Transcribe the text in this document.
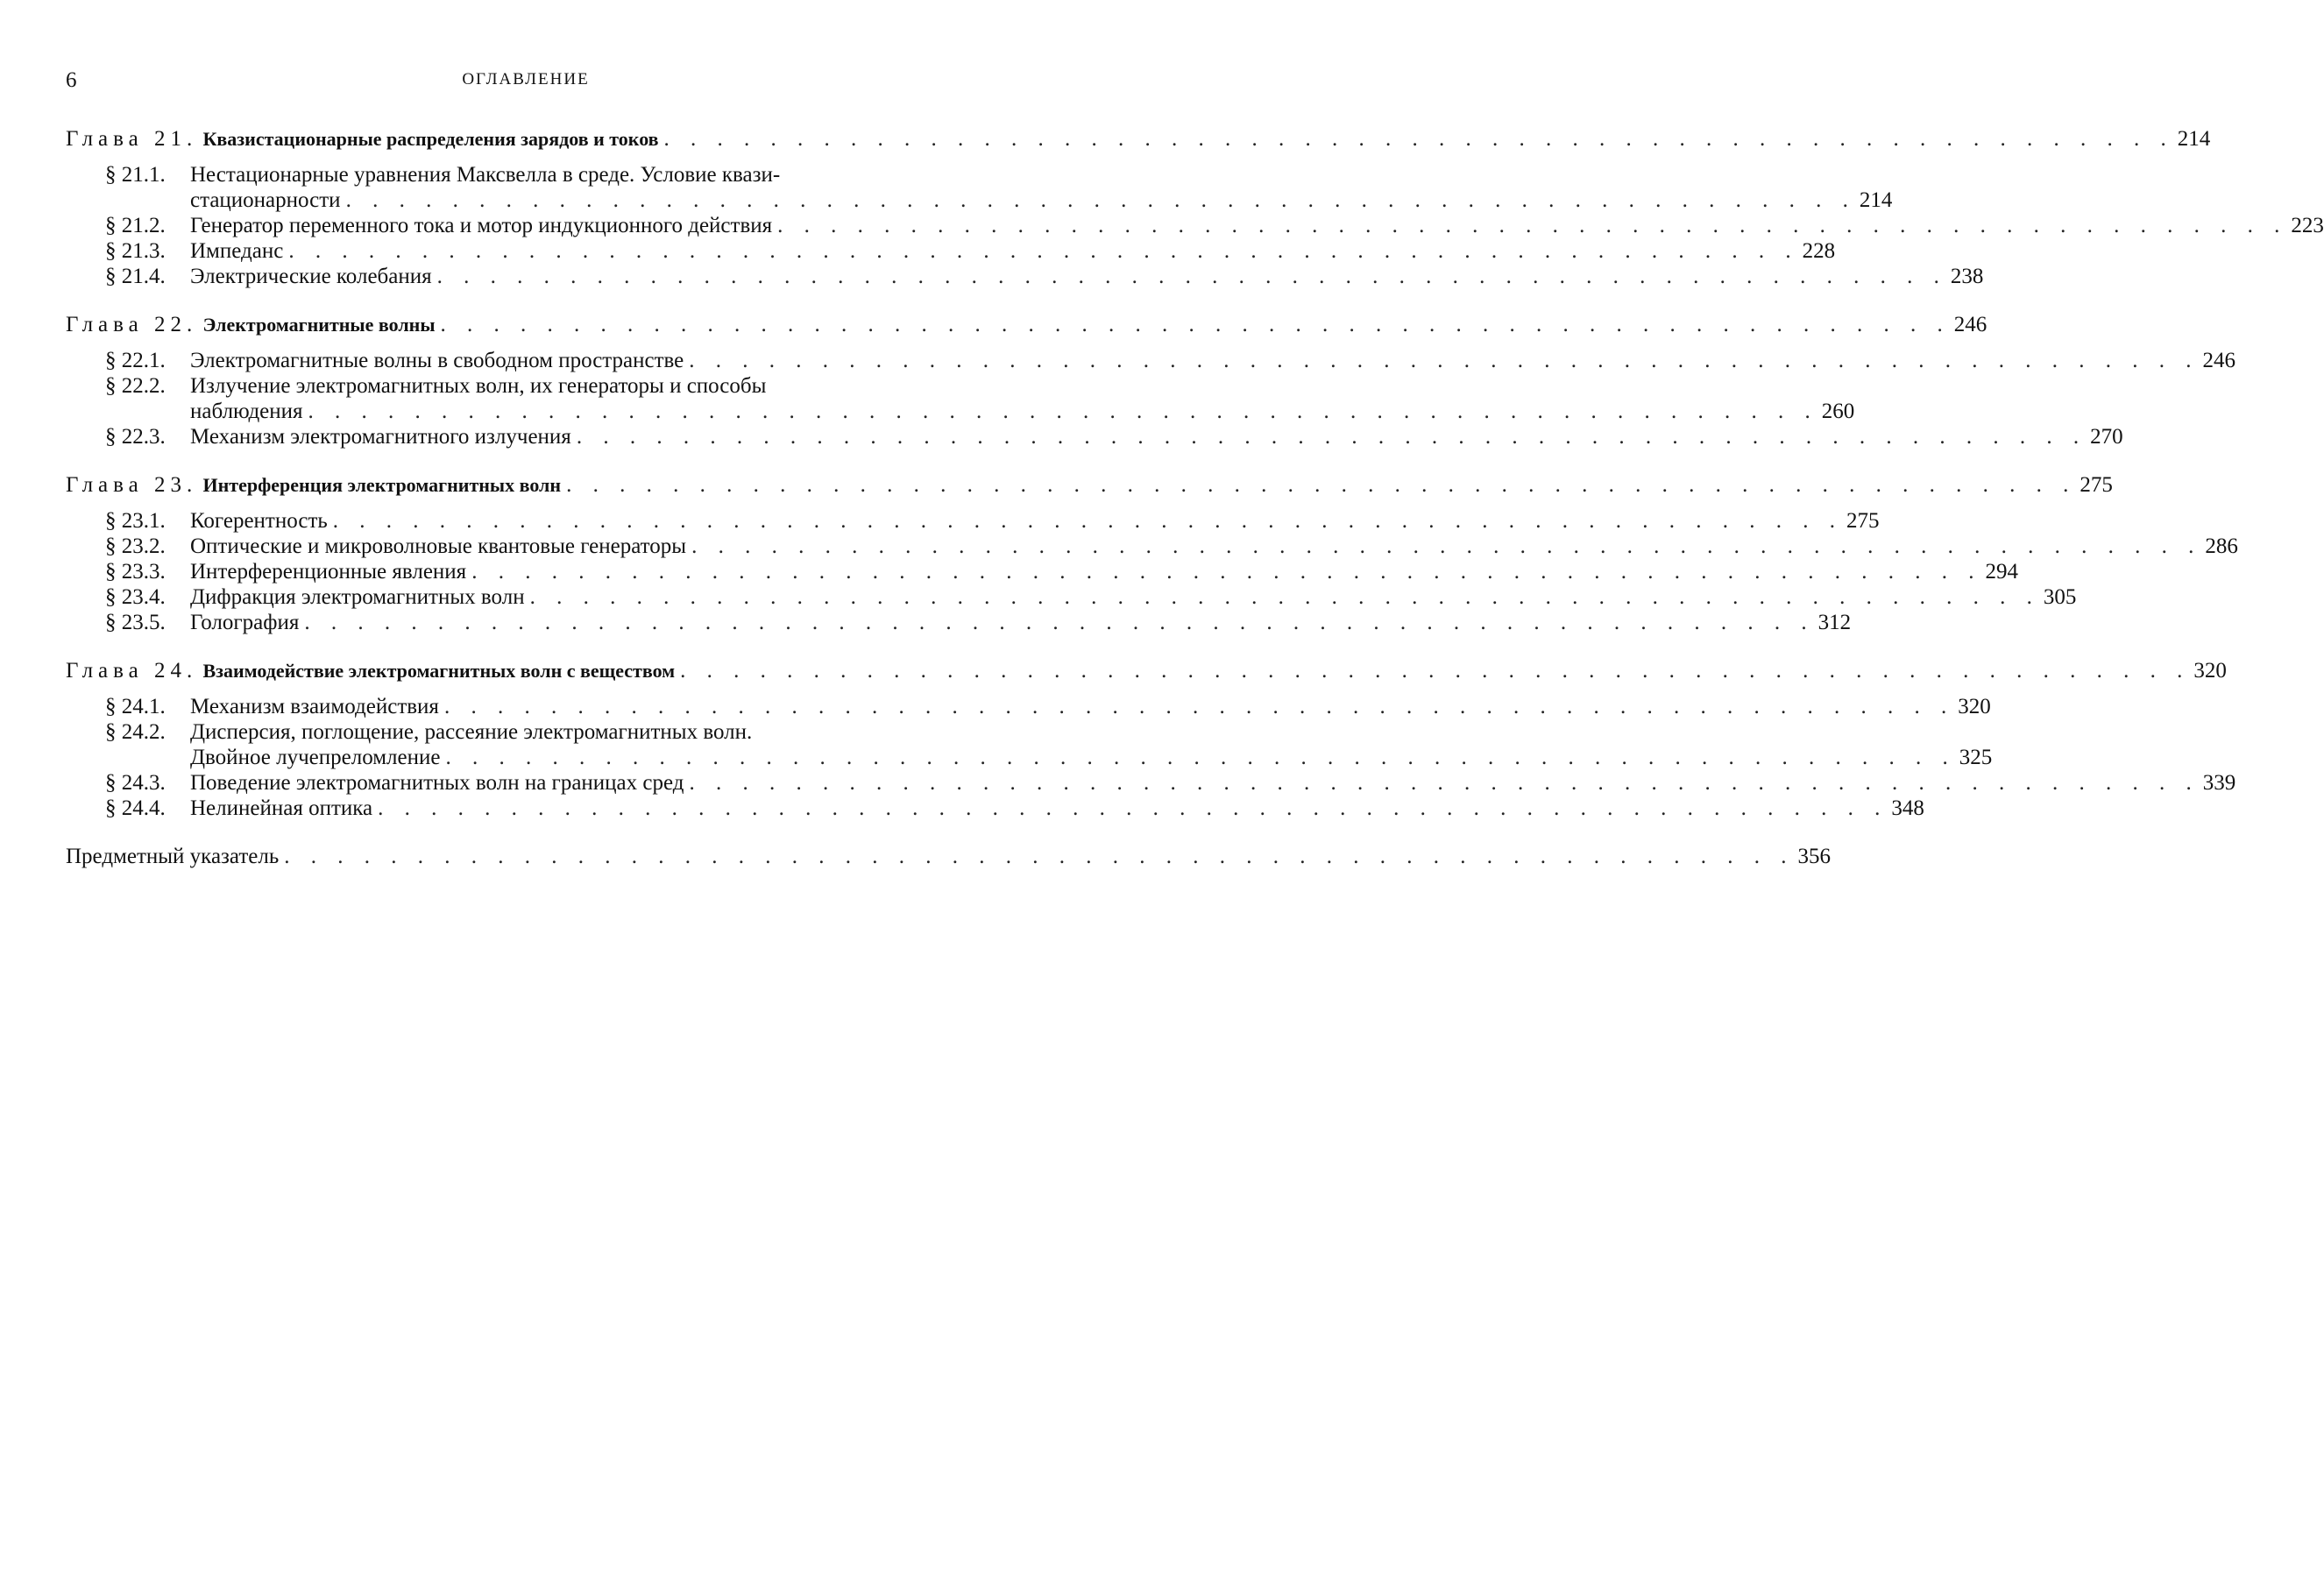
6	ОГЛАВЛЕНИЕ
Глава 21. Квазистационарные распределения зарядов и токов . . . . . . . . . . . . . . . . . . . . . . . . . . . . . . . . . . . . . . . . . . . . . . . . . . . . . . . . . 214
§ 21.1. Нестационарные уравнения Максвелла в среде. Условие квази-
стационарности . . . . . . . . . . . . . . . . . . . . . . . . . . . . . . . . . . . . . . . . . . . . . . . . . . . . . . . . . 214
§ 21.2. Генератор переменного тока и мотор индукционного действия . . . . . . . . . . . . . . . . . . . . . . . . . . . . . . . . . . . . . . . . . . . . . . . . . . . . . . . . . 223
§ 21.3. Импеданс . . . . . . . . . . . . . . . . . . . . . . . . . . . . . . . . . . . . . . . . . . . . . . . . . . . . . . . . . 228
§ 21.4. Электрические колебания . . . . . . . . . . . . . . . . . . . . . . . . . . . . . . . . . . . . . . . . . . . . . . . . . . . . . . . . . 238
Глава 22. Электромагнитные волны . . . . . . . . . . . . . . . . . . . . . . . . . . . . . . . . . . . . . . . . . . . . . . . . . . . . . . . . . 246
§ 22.1. Электромагнитные волны в свободном пространстве . . . . . . . . . . . . . . . . . . . . . . . . . . . . . . . . . . . . . . . . . . . . . . . . . . . . . . . . . 246
§ 22.2. Излучение электромагнитных волн, их генераторы и способы
наблюдения . . . . . . . . . . . . . . . . . . . . . . . . . . . . . . . . . . . . . . . . . . . . . . . . . . . . . . . . . 260
§ 22.3. Механизм электромагнитного излучения . . . . . . . . . . . . . . . . . . . . . . . . . . . . . . . . . . . . . . . . . . . . . . . . . . . . . . . . . 270
Глава 23. Интерференция электромагнитных волн . . . . . . . . . . . . . . . . . . . . . . . . . . . . . . . . . . . . . . . . . . . . . . . . . . . . . . . . . 275
§ 23.1. Когерентность . . . . . . . . . . . . . . . . . . . . . . . . . . . . . . . . . . . . . . . . . . . . . . . . . . . . . . . . . 275
§ 23.2. Оптические и микроволновые квантовые генераторы . . . . . . . . . . . . . . . . . . . . . . . . . . . . . . . . . . . . . . . . . . . . . . . . . . . . . . . . . 286
§ 23.3. Интерференционные явления . . . . . . . . . . . . . . . . . . . . . . . . . . . . . . . . . . . . . . . . . . . . . . . . . . . . . . . . . 294
§ 23.4. Дифракция электромагнитных волн . . . . . . . . . . . . . . . . . . . . . . . . . . . . . . . . . . . . . . . . . . . . . . . . . . . . . . . . . 305
§ 23.5. Голография . . . . . . . . . . . . . . . . . . . . . . . . . . . . . . . . . . . . . . . . . . . . . . . . . . . . . . . . . 312
Глава 24. Взаимодействие электромагнитных волн с веществом . . . . . . . . . . . . . . . . . . . . . . . . . . . . . . . . . . . . . . . . . . . . . . . . . . . . . . . . . 320
§ 24.1. Механизм взаимодействия . . . . . . . . . . . . . . . . . . . . . . . . . . . . . . . . . . . . . . . . . . . . . . . . . . . . . . . . . 320
§ 24.2. Дисперсия, поглощение, рассеяние электромагнитных волн.
Двойное лучепреломление . . . . . . . . . . . . . . . . . . . . . . . . . . . . . . . . . . . . . . . . . . . . . . . . . . . . . . . . . 325
§ 24.3. Поведение электромагнитных волн на границах сред . . . . . . . . . . . . . . . . . . . . . . . . . . . . . . . . . . . . . . . . . . . . . . . . . . . . . . . . . 339
§ 24.4. Нелинейная оптика . . . . . . . . . . . . . . . . . . . . . . . . . . . . . . . . . . . . . . . . . . . . . . . . . . . . . . . . . 348
Предметный указатель . . . . . . . . . . . . . . . . . . . . . . . . . . . . . . . . . . . . . . . . . . . . . . . . . . . . . . . . . 356
